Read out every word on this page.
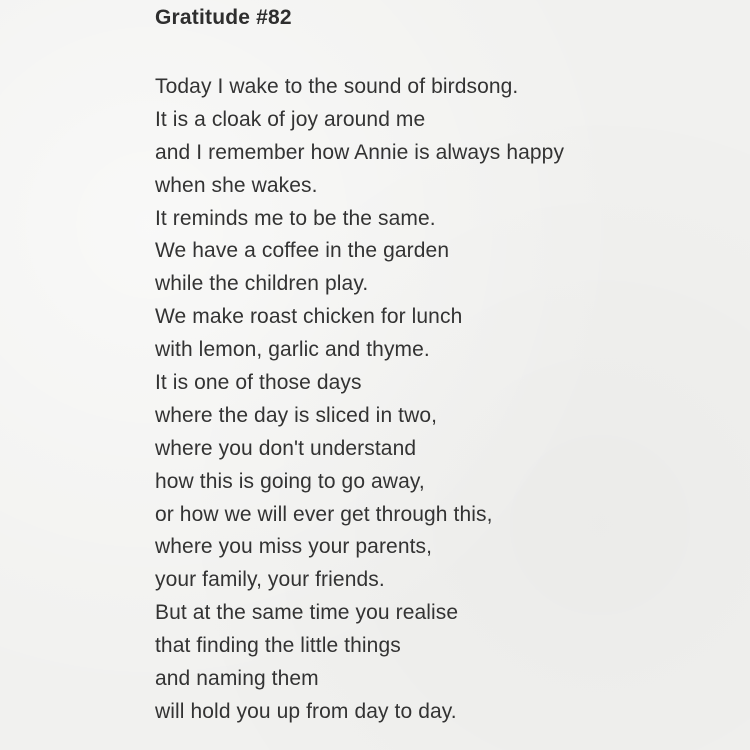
Gratitude #82
Today I wake to the sound of birdsong.
It is a cloak of joy around me
and I remember how Annie is always happy
when she wakes.
It reminds me to be the same.
We have a coffee in the garden
while the children play.
We make roast chicken for lunch
with lemon, garlic and thyme.
It is one of those days
where the day is sliced in two,
where you don't understand
how this is going to go away,
or how we will ever get through this,
where you miss your parents,
your family, your friends.
But at the same time you realise
that finding the little things
and naming them
will hold you up from day to day.
